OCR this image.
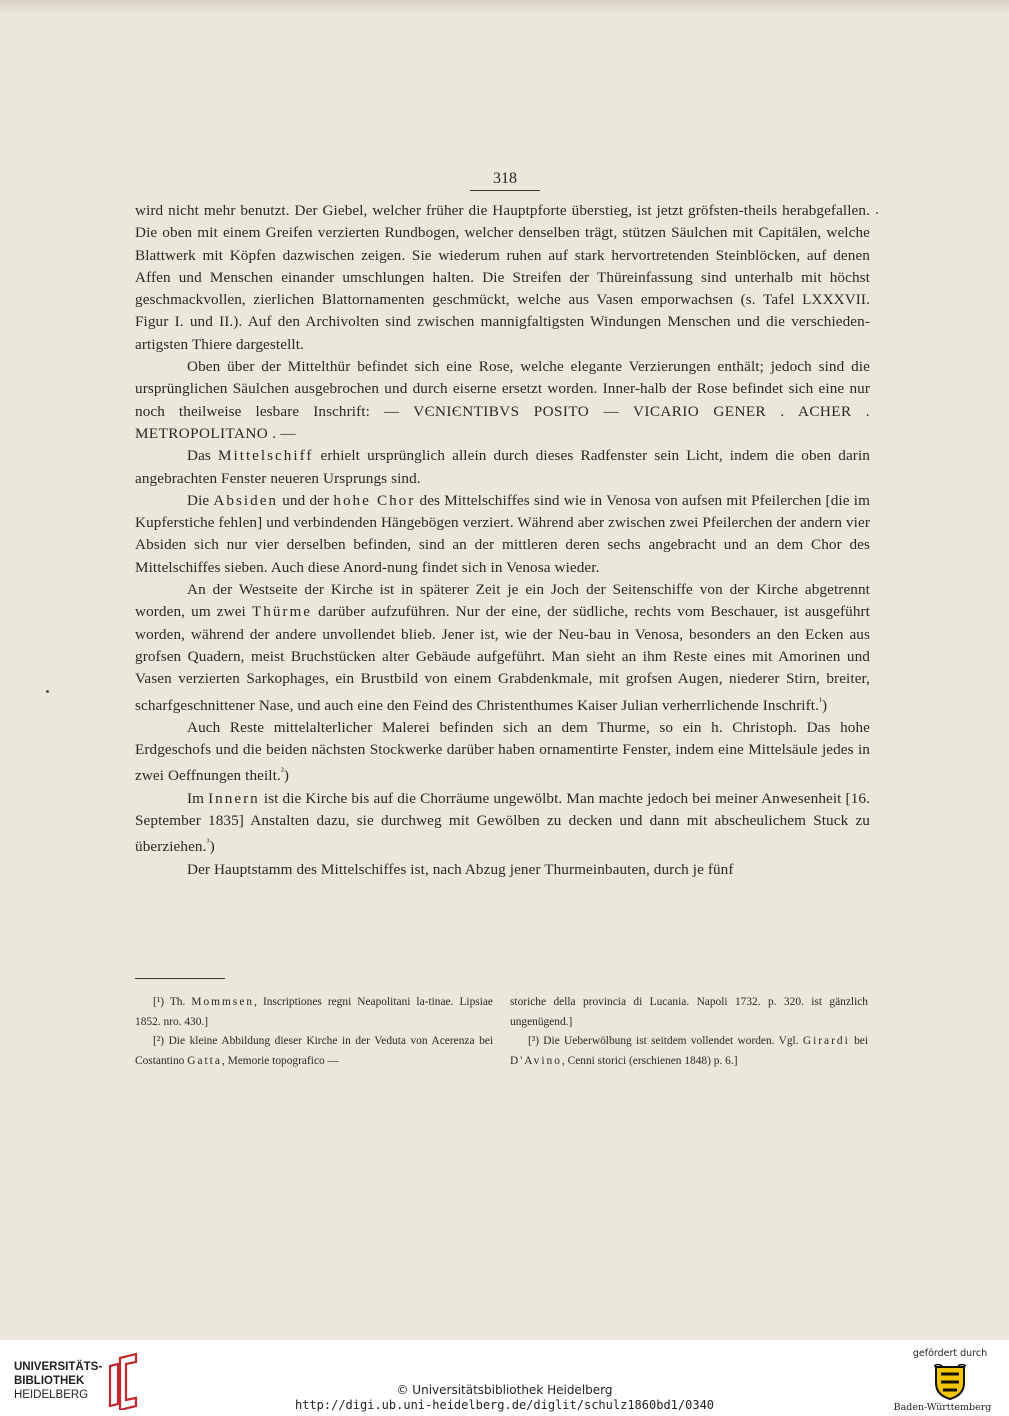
318

wird nicht mehr benutzt. Der Giebel, welcher früher die Hauptpforte überstieg, ist jetzt gröfsten-theils herabgefallen. Die oben mit einem Greifen verzierten Rundbogen, welcher denselben trägt, stützen Säulchen mit Capitälen, welche Blattwerk mit Köpfen dazwischen zeigen. Sie wiederum ruhen auf stark hervortretenden Steinblöcken, auf denen Affen und Menschen einander umschlungen halten. Die Streifen der Thüreinfassung sind unterhalb mit höchst geschmackvollen, zierlichen Blattornamenten geschmückt, welche aus Vasen emporwachsen (s. Tafel LXXXVII. Figur I. und II.). Auf den Archivolten sind zwischen mannigfaltigsten Windungen Menschen und die verschieden-artigsten Thiere dargestellt.

Oben über der Mittelthür befindet sich eine Rose, welche elegante Verzierungen enthält; jedoch sind die ursprünglichen Säulchen ausgebrochen und durch eiserne ersetzt worden. Inner-halb der Rose befindet sich eine nur noch theilweise lesbare Inschrift: — VЄNIЄNTIBVS POSITO — VICARIO GENER . ACHER . METROPOLITANO . —

Das Mittelschiff erhielt ursprünglich allein durch dieses Radfenster sein Licht, indem die oben darin angebrachten Fenster neueren Ursprungs sind.

Die Absiden und der hohe Chor des Mittelschiffes sind wie in Venosa von aufsen mit Pfeilerchen [die im Kupferstiche fehlen] und verbindenden Hängebögen verziert. Während aber zwischen zwei Pfeilerchen der andern vier Absiden sich nur vier derselben befinden, sind an der mittleren deren sechs angebracht und an dem Chor des Mittelschiffes sieben. Auch diese Anord-nung findet sich in Venosa wieder.

An der Westseite der Kirche ist in späterer Zeit je ein Joch der Seitenschiffe von der Kirche abgetrennt worden, um zwei Thürme darüber aufzuführen. Nur der eine, der südliche, rechts vom Beschauer, ist ausgeführt worden, während der andere unvollendet blieb. Jener ist, wie der Neu-bau in Venosa, besonders an den Ecken aus grofsen Quadern, meist Bruchstücken alter Gebäude aufgeführt. Man sieht an ihm Reste eines mit Amorinen und Vasen verzierten Sarkophages, ein Brustbild von einem Grabdenkmale, mit grofsen Augen, niederer Stirn, breiter, scharfgeschnittener Nase, und auch eine den Feind des Christenthumes Kaiser Julian verherrlichende Inschrift.$^{^1}$)

Auch Reste mittelalterlicher Malerei befinden sich an dem Thurme, so ein h. Christoph. Das hohe Erdgeschofs und die beiden nächsten Stockwerke darüber haben ornamentirte Fenster, indem eine Mittelsäule jedes in zwei Oeffnungen theilt.$^{^2}$)

Im Innern ist die Kirche bis auf die Chorräume ungewölbt. Man machte jedoch bei meiner Anwesenheit [16. September 1835] Anstalten dazu, sie durchweg mit Gewölben zu decken und dann mit abscheulichem Stuck zu überziehen.$^{^3}$)

Der Hauptstamm des Mittelschiffes ist, nach Abzug jener Thurmeinbauten, durch je fünf

[¹) Th. Mommsen, Inscriptiones regni Neapolitani la-tinae. Lipsiae 1852. nro. 430.]

[²) Die kleine Abbildung dieser Kirche in der Veduta von Acerenza bei Costantino Gatta, Memorie topografico —

storiche della provincia di Lucania. Napoli 1732. p. 320. ist gänzlich ungenügend.]

[³) Die Ueberwölbung ist seitdem vollendet worden. Vgl. Girardi bei D'Avino, Cenni storici (erschienen 1848) p. 6.]

UNIVERSITÄTS-
BIBLIOTHEK
HEIDELBERG	© Universitätsbibliothek Heidelberg
http://digi.ub.uni-heidelberg.de/diglit/schulz1860bd1/0340
gefördert durch
Baden-Württemberg
